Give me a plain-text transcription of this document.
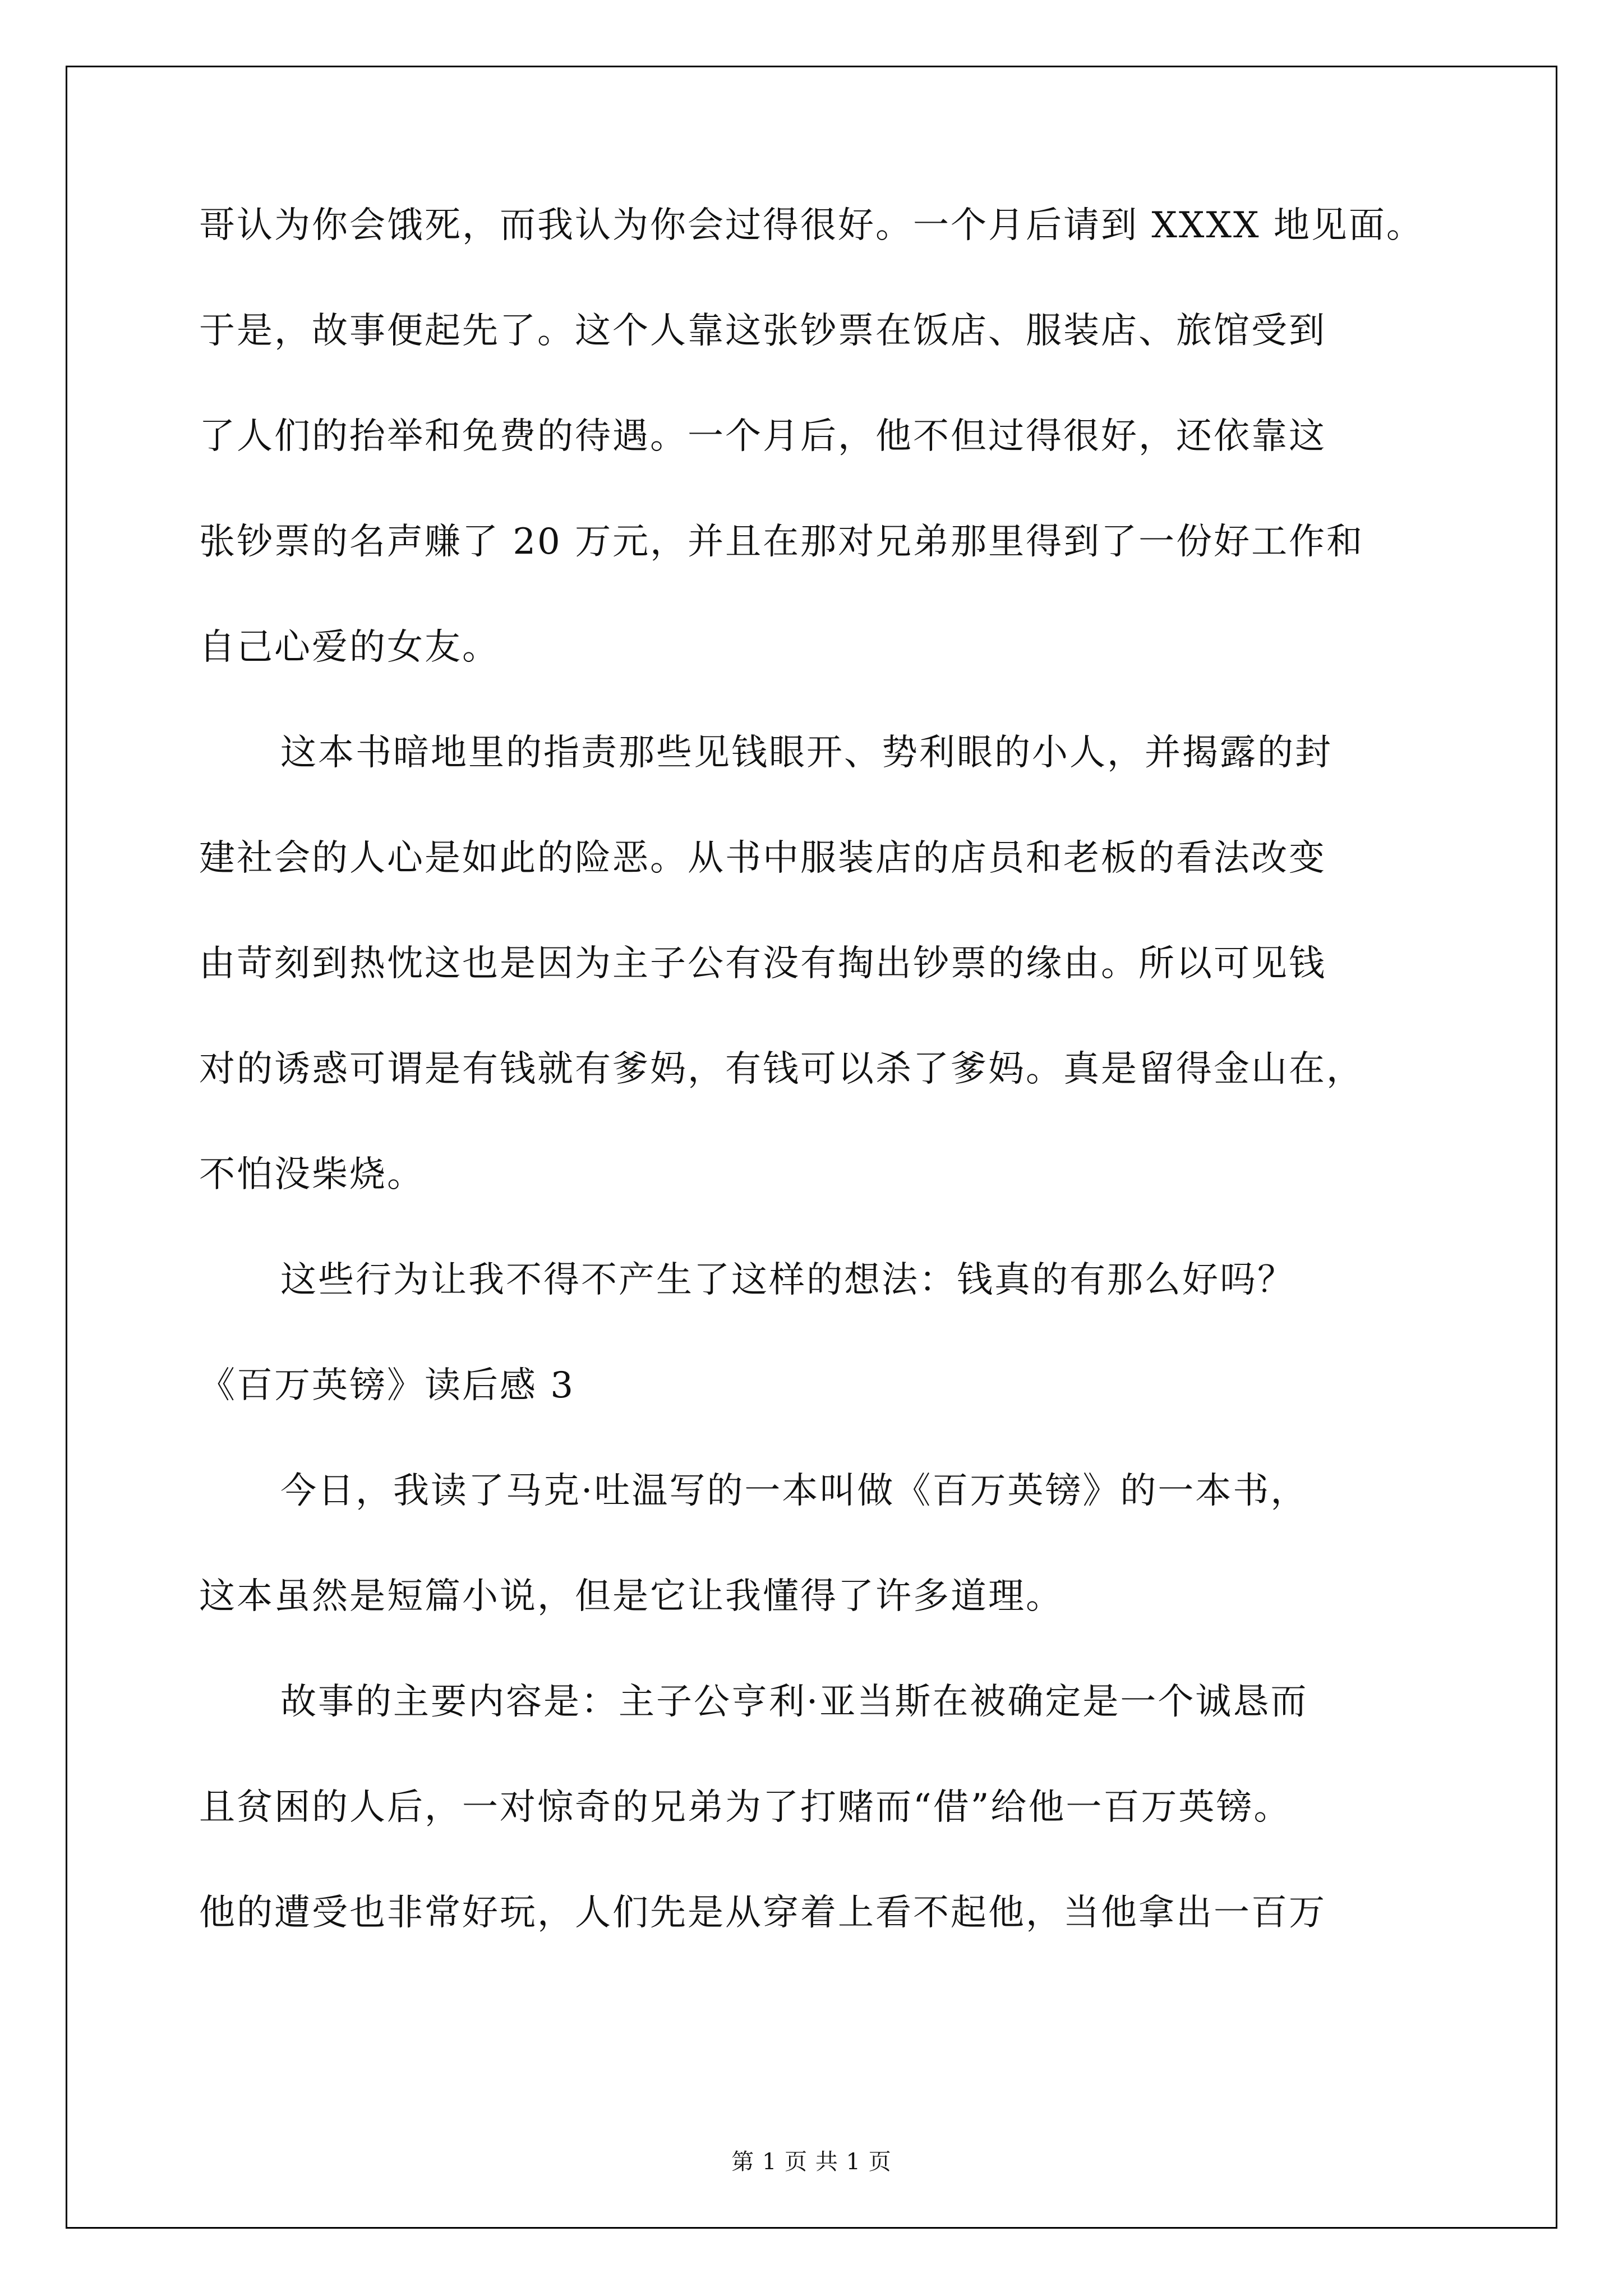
哥认为你会饿死，而我认为你会过得很好。一个月后请到 XXXX 地见面。
于是，故事便起先了。这个人靠这张钞票在饭店、服装店、旅馆受到
了人们的抬举和免费的待遇。一个月后，他不但过得很好，还依靠这
张钞票的名声赚了 20 万元，并且在那对兄弟那里得到了一份好工作和
自己心爱的女友。
这本书暗地里的指责那些见钱眼开、势利眼的小人，并揭露的封
建社会的人心是如此的险恶。从书中服装店的店员和老板的看法改变
由苛刻到热忱这也是因为主子公有没有掏出钞票的缘由。所以可见钱
对的诱惑可谓是有钱就有爹妈，有钱可以杀了爹妈。真是留得金山在，
不怕没柴烧。
这些行为让我不得不产生了这样的想法：钱真的有那么好吗？
《百万英镑》读后感 3
今日，我读了马克·吐温写的一本叫做《百万英镑》的一本书，
这本虽然是短篇小说，但是它让我懂得了许多道理。
故事的主要内容是：主子公亨利·亚当斯在被确定是一个诚恳而
且贫困的人后，一对惊奇的兄弟为了打赌而“借”给他一百万英镑。
他的遭受也非常好玩，人们先是从穿着上看不起他，当他拿出一百万
第 1 页 共 1 页
